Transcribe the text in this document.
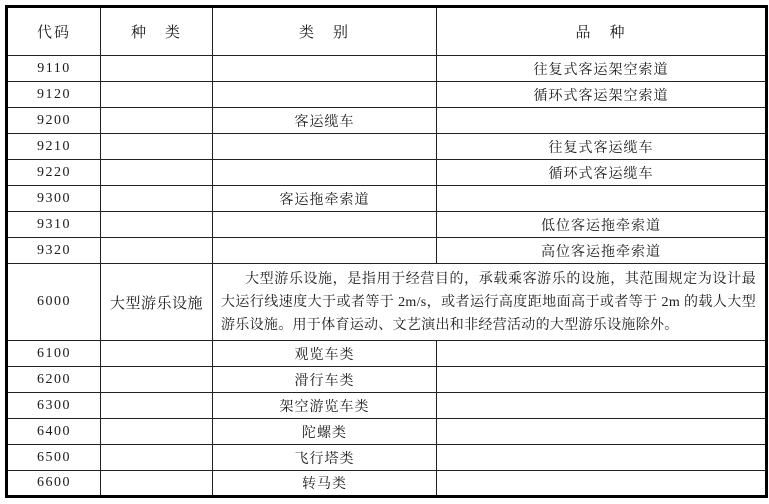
代码	种　类	类　别	品　种
9110			往复式客运架空索道
9120			循环式客运架空索道
9200		客运缆车	
9210			往复式客运缆车
9220			循环式客运缆车
9300		客运拖牵索道	
9310			低位客运拖牵索道
9320			高位客运拖牵索道
6000	大型游乐设施	大型游乐设施，是指用于经营目的，承载乘客游乐的设施，其范围规定为设计最大运行线速度大于或者等于 2m/s，或者运行高度距地面高于或者等于 2m 的载人大型游乐设施。用于体育运动、文艺演出和非经营活动的大型游乐设施除外。	
6100		观览车类	
6200		滑行车类	
6300		架空游览车类	
6400		陀螺类	
6500		飞行塔类	
6600		转马类	
